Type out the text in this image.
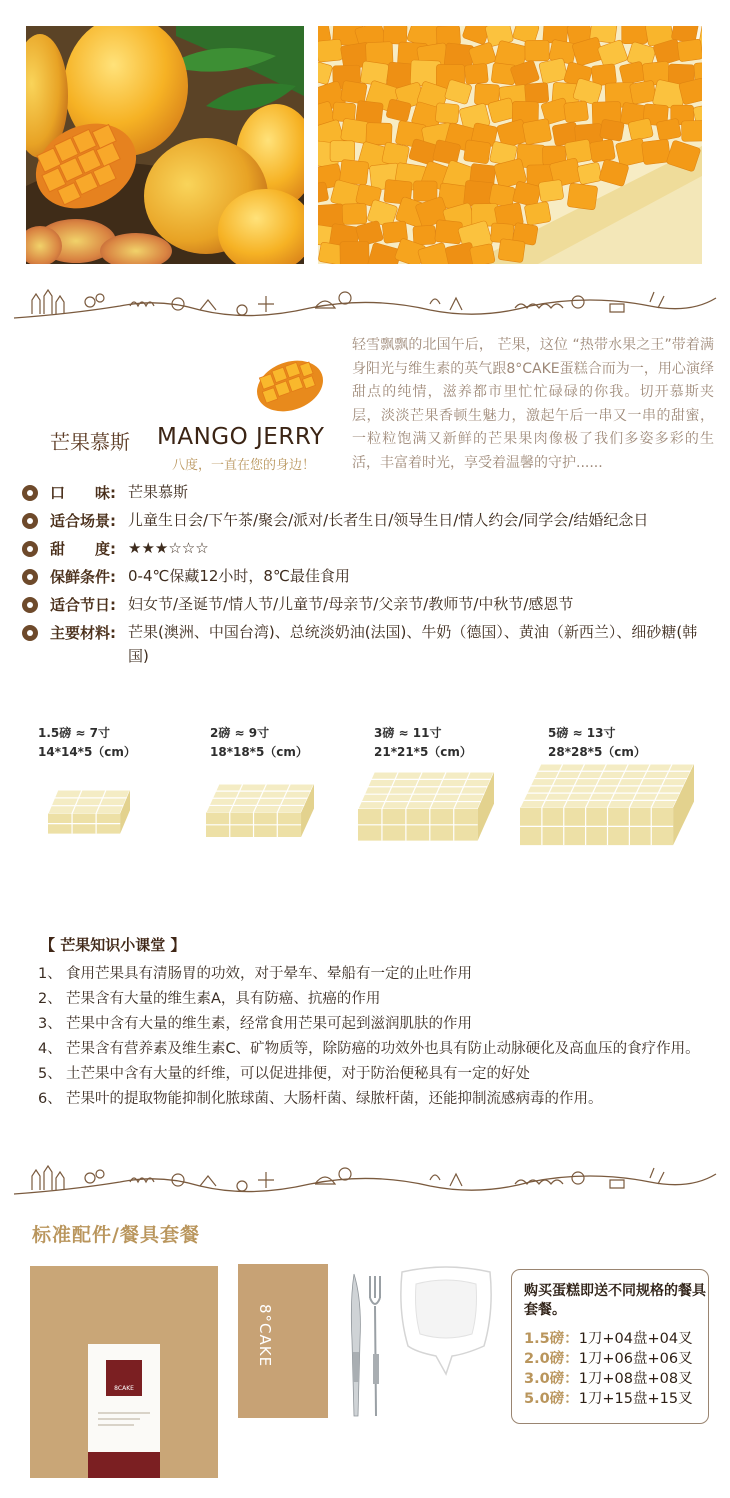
芒果慕斯 MANGO JERRY
八度，一直在您的身边！
轻雪飘飘的北国午后， 芒果，这位 “热带水果之王”带着满身阳光与维生素的英气跟8°CAKE蛋糕合而为一，用心演绎甜点的纯情，滋养都市里忙忙碌碌的你我。切开慕斯夹层，淡淡芒果香顿生魅力，激起午后一串又一串的甜蜜，一粒粒饱满又新鲜的芒果果肉像极了我们多姿多彩的生活，丰富着时光，享受着温馨的守护......
口　　味: 芒果慕斯
适合场景: 儿童生日会/下午茶/聚会/派对/长者生日/领导生日/情人约会/同学会/结婚纪念日
甜　　度: ★★★☆☆☆
保鲜条件: 0-4℃保藏12小时，8℃最佳食用
适合节日: 妇女节/圣诞节/情人节/儿童节/母亲节/父亲节/教师节/中秋节/感恩节
主要材料: 芒果(澳洲、中国台湾)、总统淡奶油(法国)、牛奶（德国）、黄油（新西兰）、细砂糖(韩国)
1.5磅 ≈ 7寸
14*14*5（cm）
2磅 ≈ 9寸
18*18*5（cm）
3磅 ≈ 11寸
21*21*5（cm）
5磅 ≈ 13寸
28*28*5（cm）
【 芒果知识小课堂 】
1、 食用芒果具有清肠胃的功效，对于晕车、晕船有一定的止吐作用
2、 芒果含有大量的维生素A，具有防癌、抗癌的作用
3、 芒果中含有大量的维生素，经常食用芒果可起到滋润肌肤的作用
4、 芒果含有营养素及维生素C、矿物质等，除防癌的功效外也具有防止动脉硬化及高血压的食疗作用。
5、 土芒果中含有大量的纤维，可以促进排便，对于防治便秘具有一定的好处
6、 芒果叶的提取物能抑制化脓球菌、大肠杆菌、绿脓杆菌，还能抑制流感病毒的作用。
标准配件/餐具套餐
8CAKE
8°CAKE
购买蛋糕即送不同规格的餐具套餐。
1.5磅：1刀+04盘+04叉
2.0磅：1刀+06盘+06叉
3.0磅：1刀+08盘+08叉
5.0磅：1刀+15盘+15叉
